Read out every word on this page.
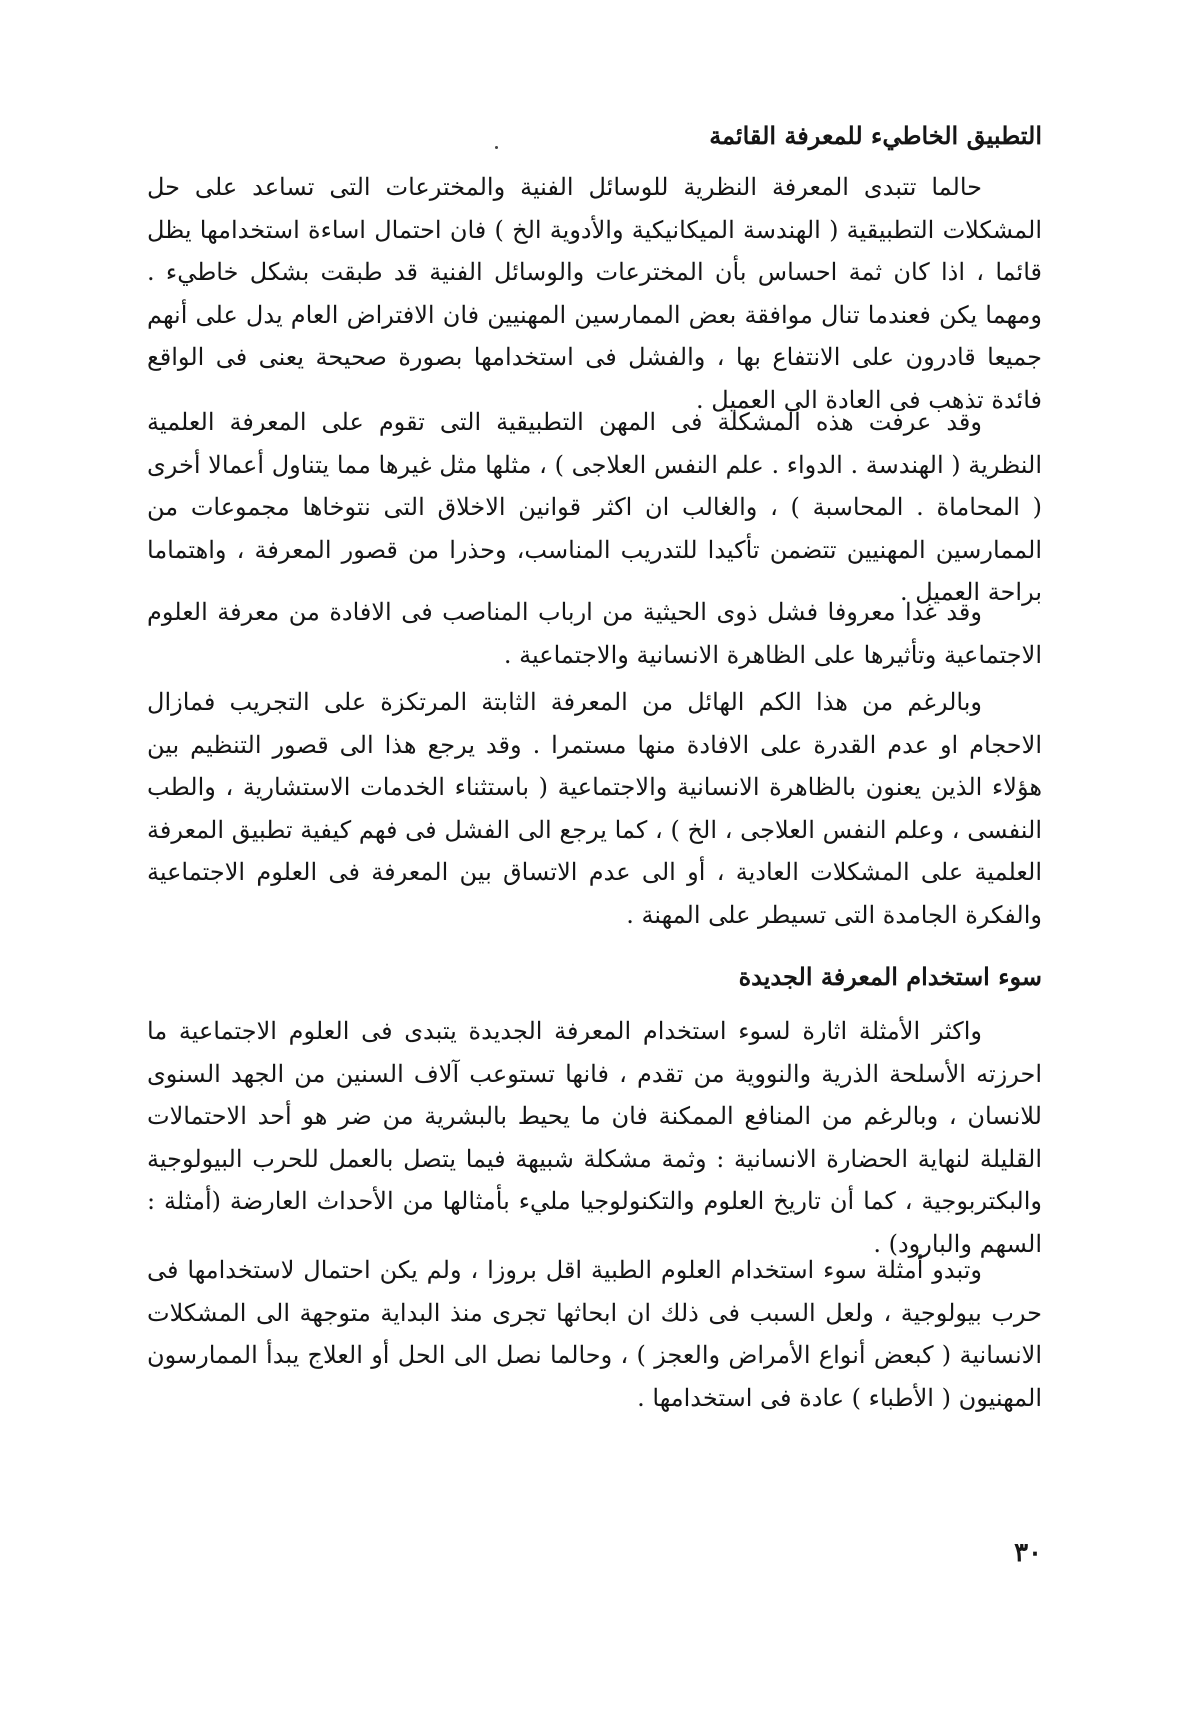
التطبيق الخاطيء للمعرفة القائمة

حالما تتبدى المعرفة النظرية للوسائل الفنية والمخترعات التى تساعد على حل المشكلات التطبيقية ( الهندسة الميكانيكية والأدوية الخ ) فان احتمال اساءة استخدامها يظل قائما ، اذا كان ثمة احساس بأن المخترعات والوسائل الفنية قد طبقت بشكل خاطيء . ومهما يكن فعندما تنال موافقة بعض الممارسين المهنيين فان الافتراض العام يدل على أنهم جميعا قادرون على الانتفاع بها ، والفشل فى استخدامها بصورة صحيحة يعنى فى الواقع فائدة تذهب فى العادة الى العميل .

وقد عرفت هذه المشكلة فى المهن التطبيقية التى تقوم على المعرفة العلمية النظرية ( الهندسة . الدواء . علم النفس العلاجى ) ، مثلها مثل غيرها مما يتناول أعمالا أخرى ( المحاماة . المحاسبة ) ، والغالب ان اكثر قوانين الاخلاق التى نتوخاها مجموعات من الممارسين المهنيين تتضمن تأكيدا للتدريب المناسب، وحذرا من قصور المعرفة ، واهتماما براحة العميل .

وقد غدا معروفا فشل ذوى الحيثية من ارباب المناصب فى الافادة من معرفة العلوم الاجتماعية وتأثيرها على الظاهرة الانسانية والاجتماعية .

وبالرغم من هذا الكم الهائل من المعرفة الثابتة المرتكزة على التجريب فمازال الاحجام او عدم القدرة على الافادة منها مستمرا . وقد يرجع هذا الى قصور التنظيم بين هؤلاء الذين يعنون بالظاهرة الانسانية والاجتماعية ( باستثناء الخدمات الاستشارية ، والطب النفسى ، وعلم النفس العلاجى ، الخ ) ، كما يرجع الى الفشل فى فهم كيفية تطبيق المعرفة العلمية على المشكلات العادية ، أو الى عدم الاتساق بين المعرفة فى العلوم الاجتماعية والفكرة الجامدة التى تسيطر على المهنة .

سوء استخدام المعرفة الجديدة

واكثر الأمثلة اثارة لسوء استخدام المعرفة الجديدة يتبدى فى العلوم الاجتماعية ما احرزته الأسلحة الذرية والنووية من تقدم ، فانها تستوعب آلاف السنين من الجهد السنوى للانسان ، وبالرغم من المنافع الممكنة فان ما يحيط بالبشرية من ضر هو أحد الاحتمالات القليلة لنهاية الحضارة الانسانية : وثمة مشكلة شبيهة فيما يتصل بالعمل للحرب البيولوجية والبكتربوجية ، كما أن تاريخ العلوم والتكنولوجيا مليء بأمثالها من الأحداث العارضة (أمثلة : السهم والبارود) .

وتبدو أمثلة سوء استخدام العلوم الطبية اقل بروزا ، ولم يكن احتمال لاستخدامها فى حرب بيولوجية ، ولعل السبب فى ذلك ان ابحاثها تجرى منذ البداية متوجهة الى المشكلات الانسانية ( كبعض أنواع الأمراض والعجز ) ، وحالما نصل الى الحل أو العلاج يبدأ الممارسون المهنيون ( الأطباء ) عادة فى استخدامها .

٣٠
